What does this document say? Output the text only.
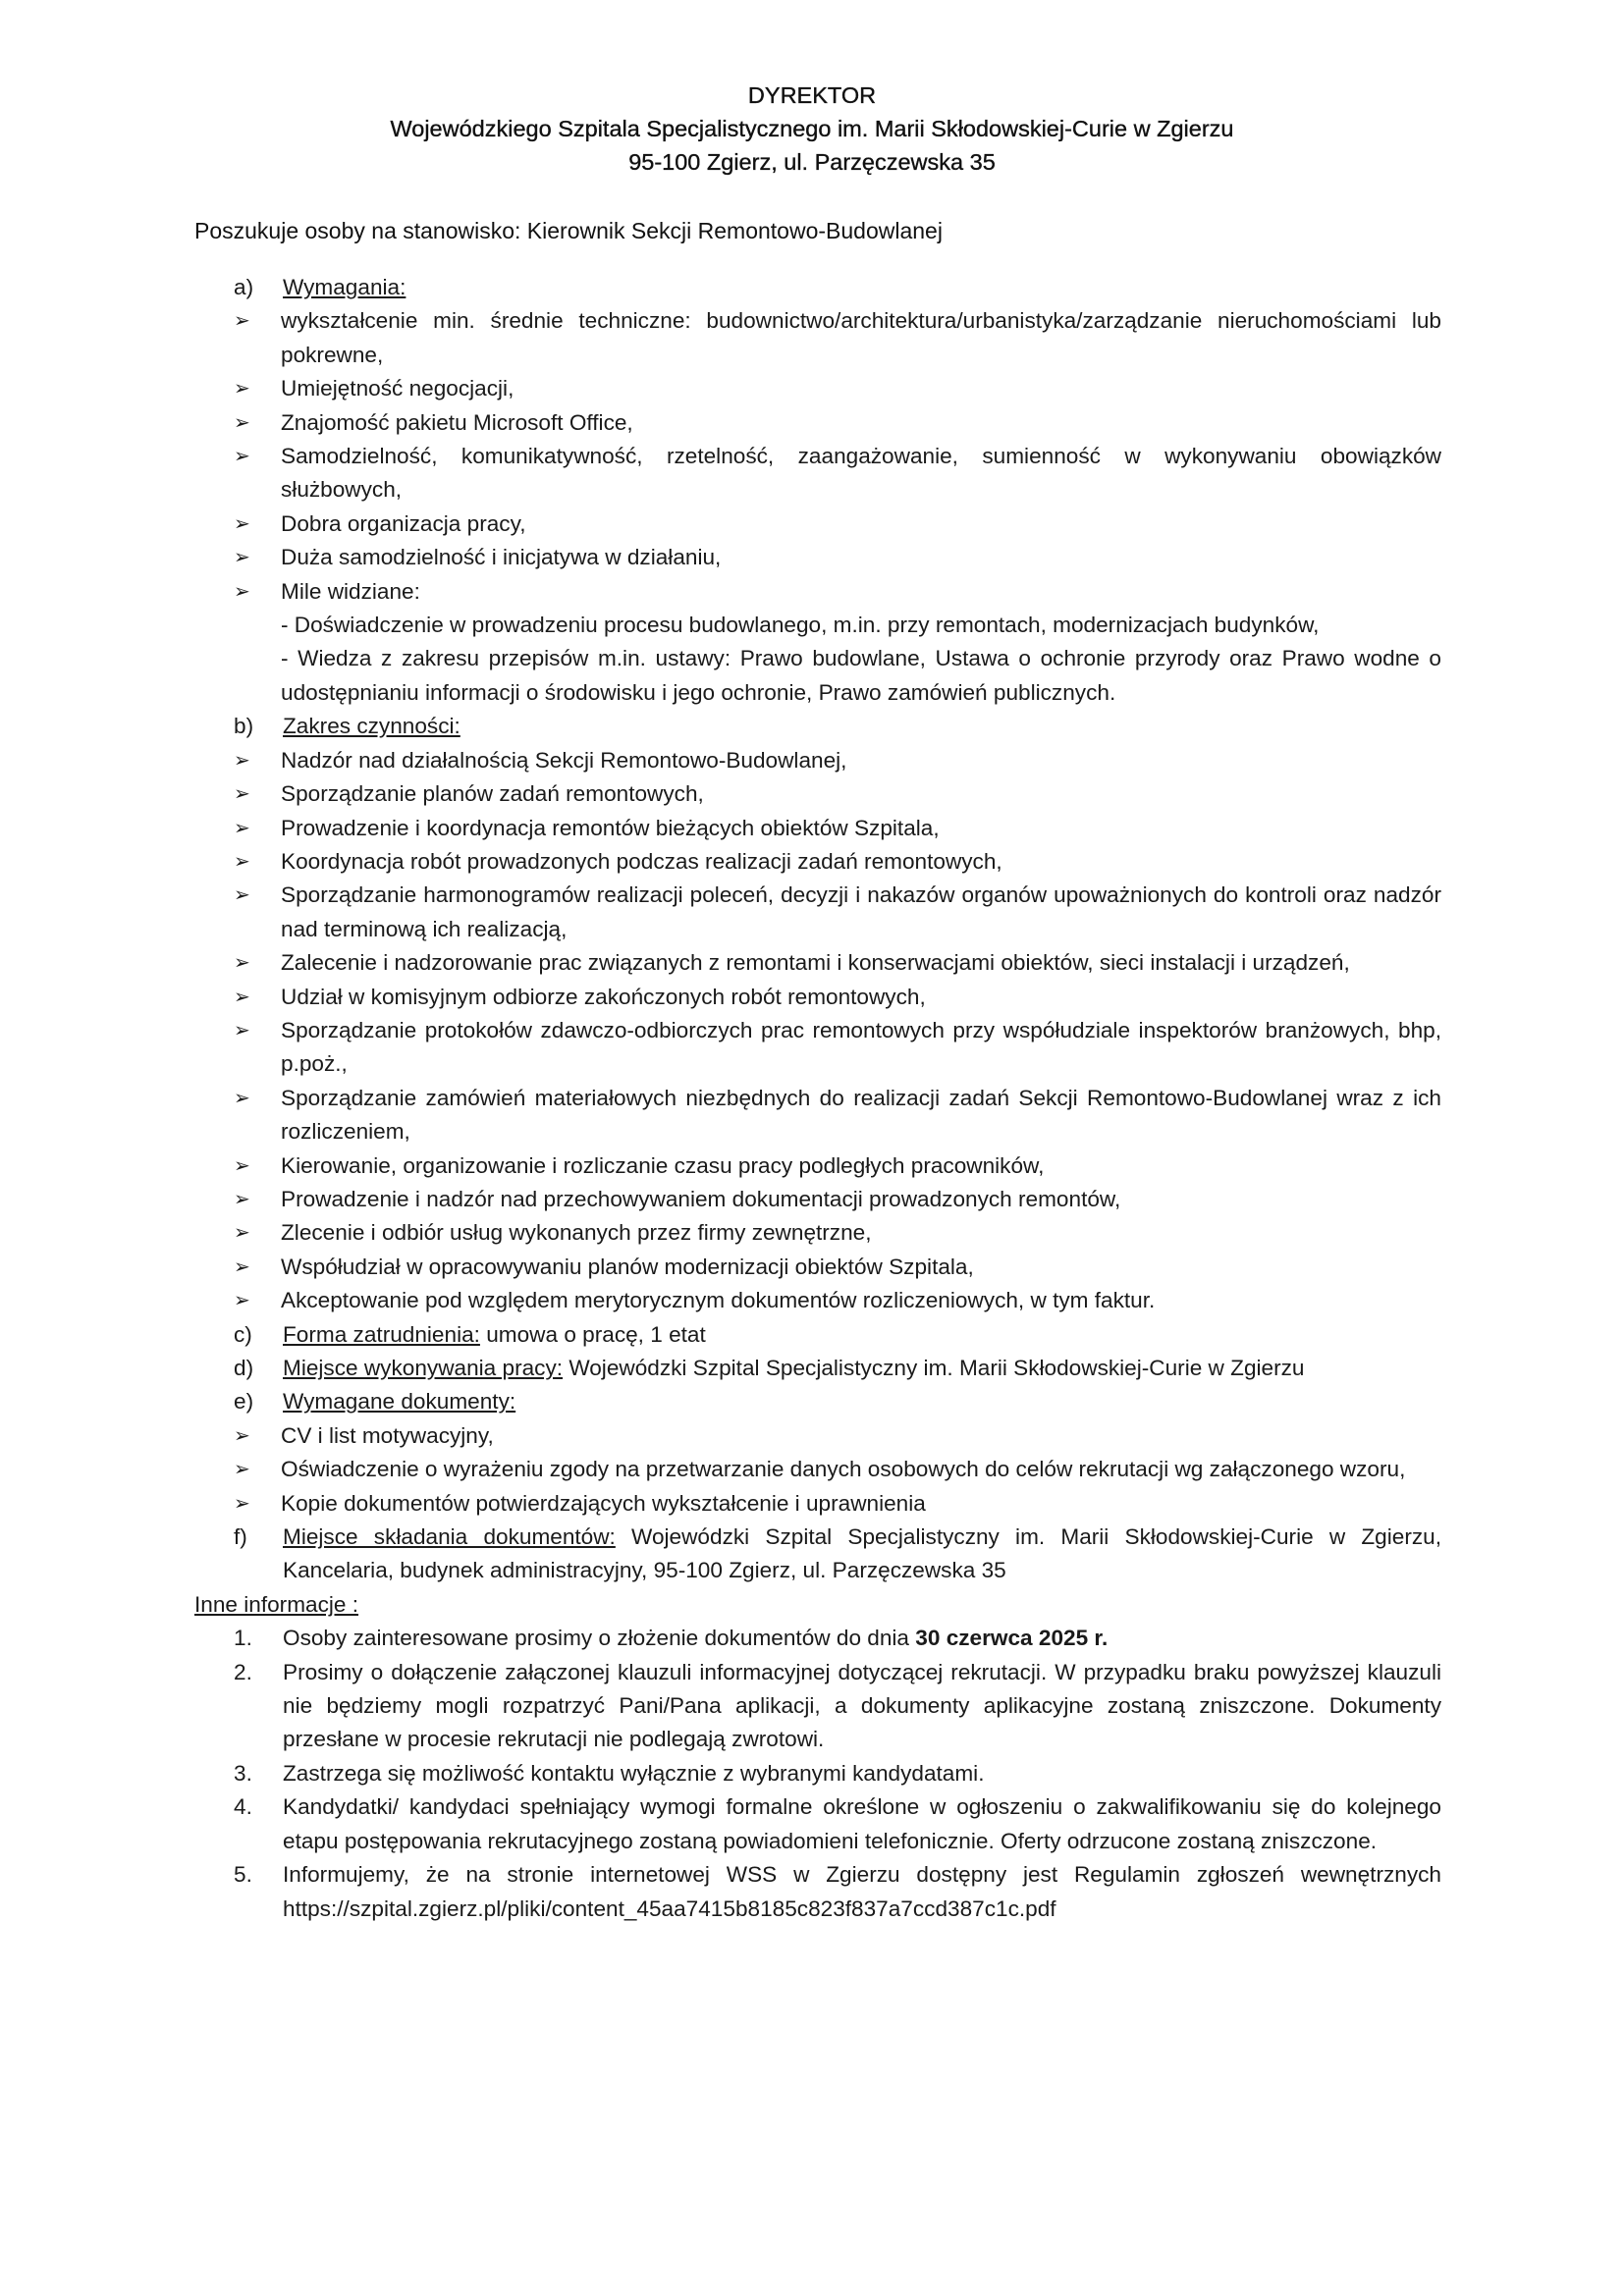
DYREKTOR
Wojewódzkiego Szpitala Specjalistycznego im. Marii Skłodowskiej-Curie w Zgierzu
95-100 Zgierz, ul. Parzęczewska 35
Poszukuje osoby na stanowisko: Kierownik Sekcji Remontowo-Budowlanej
a) Wymagania:
➢ wykształcenie min. średnie techniczne: budownictwo/architektura/urbanistyka/zarządzanie nieruchomościami lub pokrewne,
➢ Umiejętność negocjacji,
➢ Znajomość pakietu Microsoft Office,
➢ Samodzielność, komunikatywność, rzetelność, zaangażowanie, sumienność w wykonywaniu obowiązków służbowych,
➢ Dobra organizacja pracy,
➢ Duża samodzielność i inicjatywa w działaniu,
➢ Mile widziane:
- Doświadczenie w prowadzeniu procesu budowlanego, m.in. przy remontach, modernizacjach budynków,
- Wiedza z zakresu przepisów m.in. ustawy: Prawo budowlane, Ustawa o ochronie przyrody oraz Prawo wodne o udostępnianiu informacji o środowisku i jego ochronie, Prawo zamówień publicznych.
b) Zakres czynności:
➢ Nadzór nad działalnością Sekcji Remontowo-Budowlanej,
➢ Sporządzanie planów zadań remontowych,
➢ Prowadzenie i koordynacja remontów bieżących obiektów Szpitala,
➢ Koordynacja robót prowadzonych podczas realizacji zadań remontowych,
➢ Sporządzanie harmonogramów realizacji poleceń, decyzji i nakazów organów upoważnionych do kontroli oraz nadzór nad terminową ich realizacją,
➢ Zalecenie i nadzorowanie prac związanych z remontami i konserwacjami obiektów, sieci instalacji i urządzeń,
➢ Udział w komisyjnym odbiorze zakończonych robót remontowych,
➢ Sporządzanie protokołów zdawczo-odbiorczych prac remontowych przy współudziale inspektorów branżowych, bhp, p.poż.,
➢ Sporządzanie zamówień materiałowych niezbędnych do realizacji zadań Sekcji Remontowo-Budowlanej wraz z ich rozliczeniem,
➢ Kierowanie, organizowanie i rozliczanie czasu pracy podległych pracowników,
➢ Prowadzenie i nadzór nad przechowywaniem dokumentacji prowadzonych remontów,
➢ Zlecenie i odbiór usług wykonanych przez firmy zewnętrzne,
➢ Współudział w opracowywaniu planów modernizacji obiektów Szpitala,
➢ Akceptowanie pod względem merytorycznym dokumentów rozliczeniowych, w tym faktur.
c) Forma zatrudnienia: umowa o pracę, 1 etat
d) Miejsce wykonywania pracy: Wojewódzki Szpital Specjalistyczny im. Marii Skłodowskiej-Curie w Zgierzu
e) Wymagane dokumenty:
➢ CV i list motywacyjny,
➢ Oświadczenie o wyrażeniu zgody na przetwarzanie danych osobowych do celów rekrutacji wg załączonego wzoru,
➢ Kopie dokumentów potwierdzających wykształcenie i uprawnienia
f) Miejsce składania dokumentów: Wojewódzki Szpital Specjalistyczny im. Marii Skłodowskiej-Curie w Zgierzu, Kancelaria, budynek administracyjny, 95-100 Zgierz, ul. Parzęczewska 35
Inne informacje :
1. Osoby zainteresowane prosimy o złożenie dokumentów do dnia 30 czerwca 2025 r.
2. Prosimy o dołączenie załączonej klauzuli informacyjnej dotyczącej rekrutacji. W przypadku braku powyższej klauzuli nie będziemy mogli rozpatrzyć Pani/Pana aplikacji, a dokumenty aplikacyjne zostaną zniszczone. Dokumenty przesłane w procesie rekrutacji nie podlegają zwrotowi.
3. Zastrzega się możliwość kontaktu wyłącznie z wybranymi kandydatami.
4. Kandydatki/ kandydaci spełniający wymogi formalne określone w ogłoszeniu o zakwalifikowaniu się do kolejnego etapu postępowania rekrutacyjnego zostaną powiadomieni telefonicznie. Oferty odrzucone zostaną zniszczone.
5. Informujemy, że na stronie internetowej WSS w Zgierzu dostępny jest Regulamin zgłoszeń wewnętrznych https://szpital.zgierz.pl/pliki/content_45aa7415b8185c823f837a7ccd387c1c.pdf
